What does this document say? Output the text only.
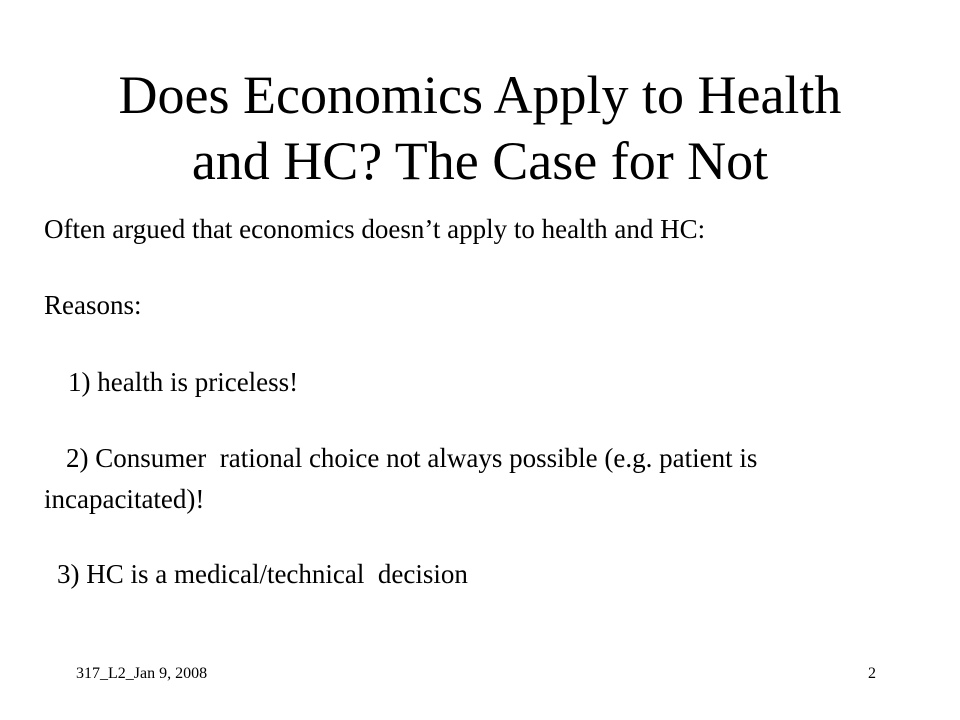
Does Economics Apply to Health
and HC? The Case for Not

Often argued that economics doesn’t apply to health and HC:

Reasons:

1) health is priceless!

2) Consumer  rational choice not always possible (e.g. patient is

incapacitated)!

3) HC is a medical/technical  decision

317_L2_Jan 9, 2008	2
